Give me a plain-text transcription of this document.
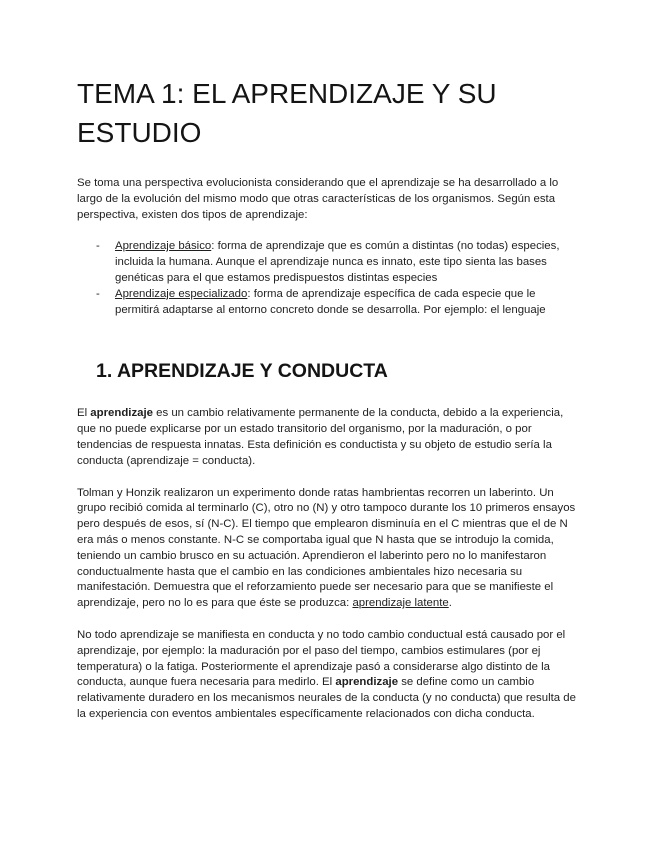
TEMA 1: EL APRENDIZAJE Y SU ESTUDIO

Se toma una perspectiva evolucionista considerando que el aprendizaje se ha desarrollado a lo largo de la evolución del mismo modo que otras características de los organismos. Según esta perspectiva, existen dos tipos de aprendizaje:

- Aprendizaje básico: forma de aprendizaje que es común a distintas (no todas) especies, incluida la humana. Aunque el aprendizaje nunca es innato, este tipo sienta las bases genéticas para el que estamos predispuestos distintas especies
- Aprendizaje especializado: forma de aprendizaje específica de cada especie que le permitirá adaptarse al entorno concreto donde se desarrolla. Por ejemplo: el lenguaje
1. APRENDIZAJE Y CONDUCTA

El aprendizaje es un cambio relativamente permanente de la conducta, debido a la experiencia, que no puede explicarse por un estado transitorio del organismo, por la maduración, o por tendencias de respuesta innatas. Esta definición es conductista y su objeto de estudio sería la conducta (aprendizaje = conducta).

Tolman y Honzik realizaron un experimento donde ratas hambrientas recorren un laberinto. Un grupo recibió comida al terminarlo (C), otro no (N) y otro tampoco durante los 10 primeros ensayos pero después de esos, sí (N-C). El tiempo que emplearon disminuía en el C mientras que el de N era más o menos constante. N-C se comportaba igual que N hasta que se introdujo la comida, teniendo un cambio brusco en su actuación. Aprendieron el laberinto pero no lo manifestaron conductualmente hasta que el cambio en las condiciones ambientales hizo necesaria su manifestación. Demuestra que el reforzamiento puede ser necesario para que se manifieste el aprendizaje, pero no lo es para que éste se produzca: aprendizaje latente.

No todo aprendizaje se manifiesta en conducta y no todo cambio conductual está causado por el aprendizaje, por ejemplo: la maduración por el paso del tiempo, cambios estimulares (por ej temperatura) o la fatiga. Posteriormente el aprendizaje pasó a considerarse algo distinto de la conducta, aunque fuera necesaria para medirlo. El aprendizaje se define como un cambio relativamente duradero en los mecanismos neurales de la conducta (y no conducta) que resulta de la experiencia con eventos ambientales específicamente relacionados con dicha conducta.
